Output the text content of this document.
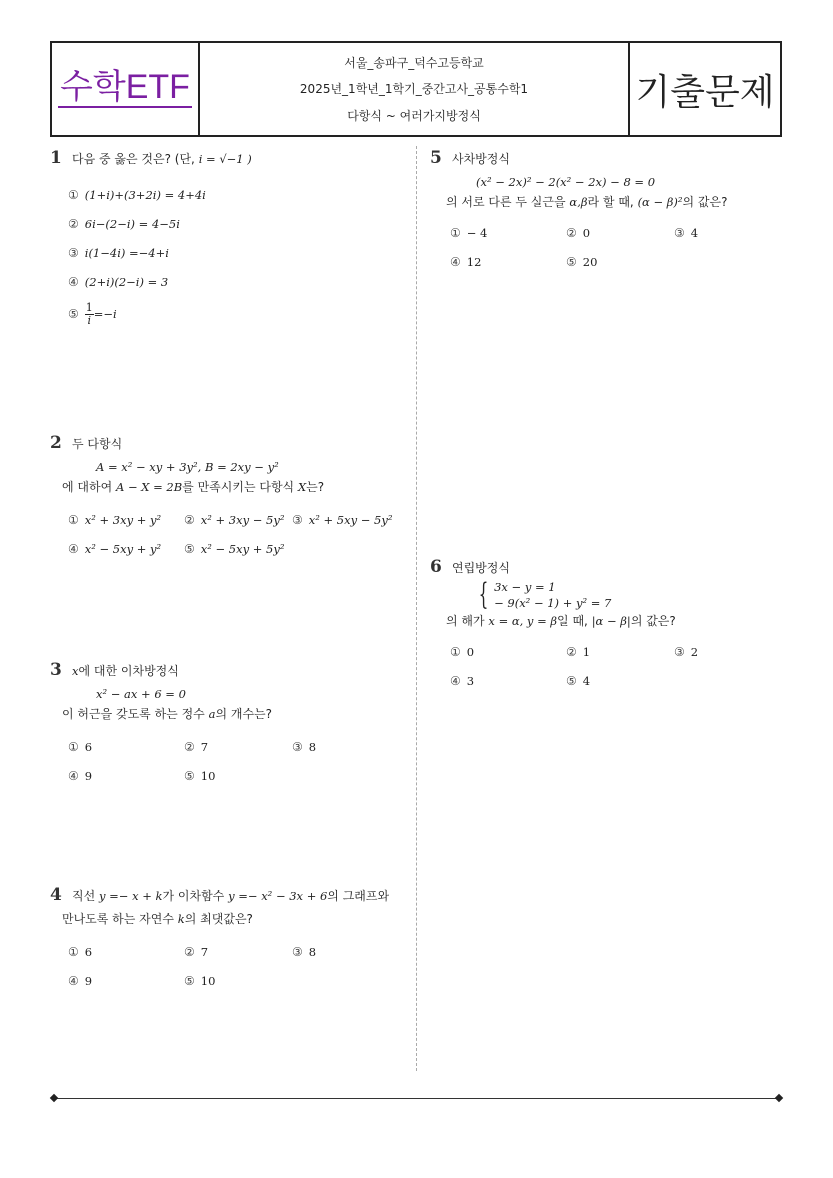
수학ETF
서울_송파구_덕수고등학교
2025년_1학년_1학기_중간고사_공통수학1
다항식 ~ 여러가지방정식
기출문제
1 다음 중 옳은 것은? (단,
i = √−1 )
① (1+i)+(3+2i) = 4+4i
② 6i−(2−i) = 4−5i
③ i(1−4i) =−4+i
④ (2+i)(2−i) = 3
⑤ $\frac{1}{i} =-i$
2 두 다항식
A = x² − xy + 3y², B = 2xy − y²
에 대하여 A − X = 2B를 만족시키는 다항식 X는?
① x² + 3xy + y² ② x² + 3xy − 5y² ③ x² + 5xy − 5y²
④ x² − 5xy + y² ⑤ x² − 5xy + 5y²
3 x 에 대한 이차방정식
x² − ax + 6 = 0
이 허근을 갖도록 하는 정수 a의 개수는?
① 6	② 7	③ 8
④ 9	⑤ 10
4 직선
y =− x + k 가 이차함수
y =− x² − 3x + 6 의 그래프와
만나도록 하는 자연수 k의 최댓값은?
① 6	② 7	③ 8
④ 9	⑤ 10
5 사차방정식
(x² − 2x)² − 2(x² − 2x) − 8 = 0
의 서로 다른 두 실근을 α,β라 할 때, (α − β)²의 값은?
① − 4	② 0	③ 4
④ 12	⑤ 20
6 연립방정식
{ 3x − y = 1
− 9(x² − 1) + y² = 7
의 해가 x = α, y = β일 때, |α − β|의 값은?
① 0	② 1	③ 2
④ 3	⑤ 4
